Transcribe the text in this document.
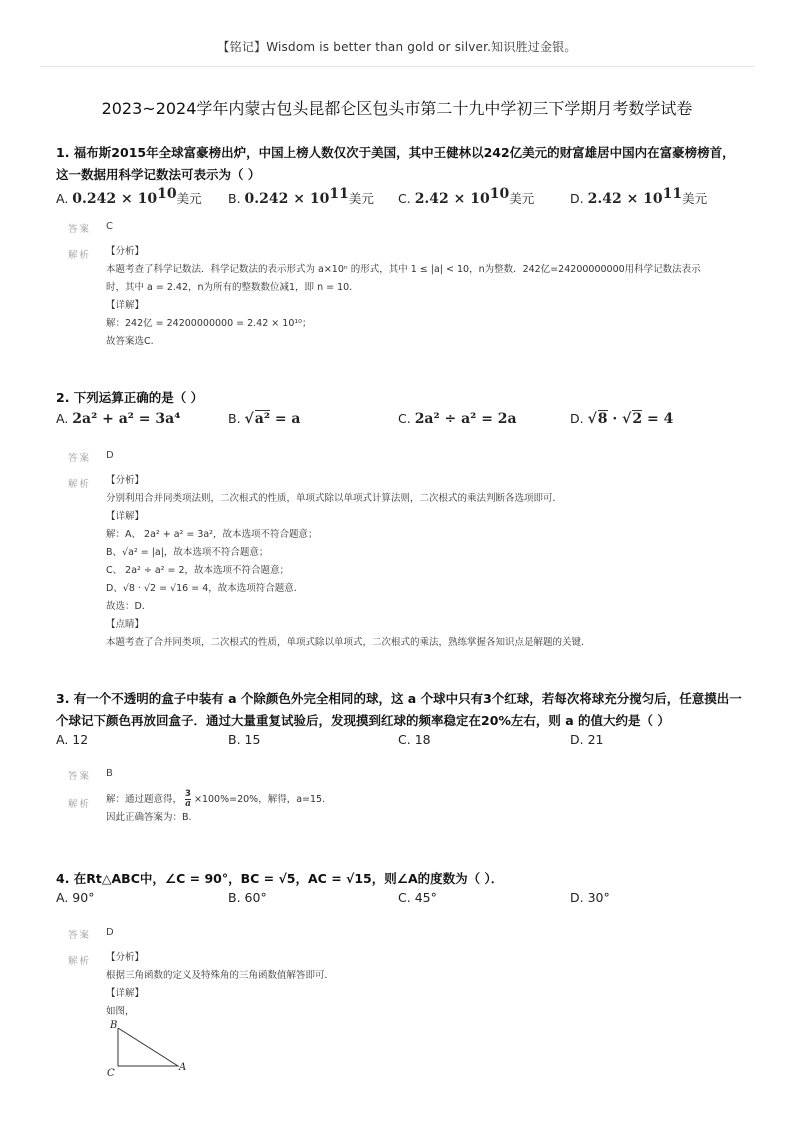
【铭记】Wisdom is better than gold or silver.知识胜过金银。
2023~2024学年内蒙古包头昆都仑区包头市第二十九中学初三下学期月考数学试卷
1. 福布斯2015年全球富豪榜出炉，中国上榜人数仅次于美国，其中王健林以242亿美元的财富雄居中国内在富豪榜榜首，这一数据用科学记数法可表示为（ ）
A. $0.242 \times 10^{10}$美元 B. $0.242 \times 10^{11}$美元 C. $2.42 \times 10^{10}$美元	D. $2.42 \times 10^{11}$美元
答案 C
解析 【分析】

本题考查了科学记数法．科学记数法的表示形式为 a×10ⁿ 的形式，其中 1 ≤ |a| < 10，n为整数．242亿=24200000000用科学记数法表示

时，其中 a = 2.42，n为所有的整数数位减1，即 n = 10．

【详解】

解：242亿 = 24200000000 = 2.42 × 10¹⁰；

故答案选C.

2. 下列运算正确的是（ ）
A. 2a² + a² = 3a⁴	B. √a² = a	C. 2a² ÷ a² = 2a	D. √8 · √2 = 4
答案 D
解析 【分析】

分别利用合并同类项法则，二次根式的性质，单项式除以单项式计算法则，二次根式的乘法判断各选项即可．

【详解】

解：A、 2a² + a² = 3a²，故本选项不符合题意；

B、√a² = |a|，故本选项不符合题意；

C、 2a² ÷ a² = 2，故本选项不符合题意；

D、√8 · √2 = √16 = 4，故本选项符合题意．

故选：D．

【点睛】

本题考查了合并同类项，二次根式的性质，单项式除以单项式，二次根式的乘法，熟练掌握各知识点是解题的关键．

3. 有一个不透明的盒子中装有 a 个除颜色外完全相同的球，这 a 个球中只有3个红球，若每次将球充分搅匀后，任意摸出一个球记下颜色再放回盒子．通过大量重复试验后，发现摸到红球的频率稳定在20%左右，则 a 的值大约是（ ）
A. 12	B. 15	C. 18	D. 21
答案 B
解析 解：通过题意得， $\frac{3}{a} \times 100\%=20\%$，解得，a=15.

因此正确答案为：B.

4. 在Rt△ABC中，∠C = 90°，BC = √5，AC = √15，则∠A的度数为（ ）．
A. 90°	B. 60°	C. 45°	D. 30°
答案 D
解析 【分析】

根据三角函数的定义及特殊角的三角函数值解答即可．

【详解】

如图，

B
C
A
